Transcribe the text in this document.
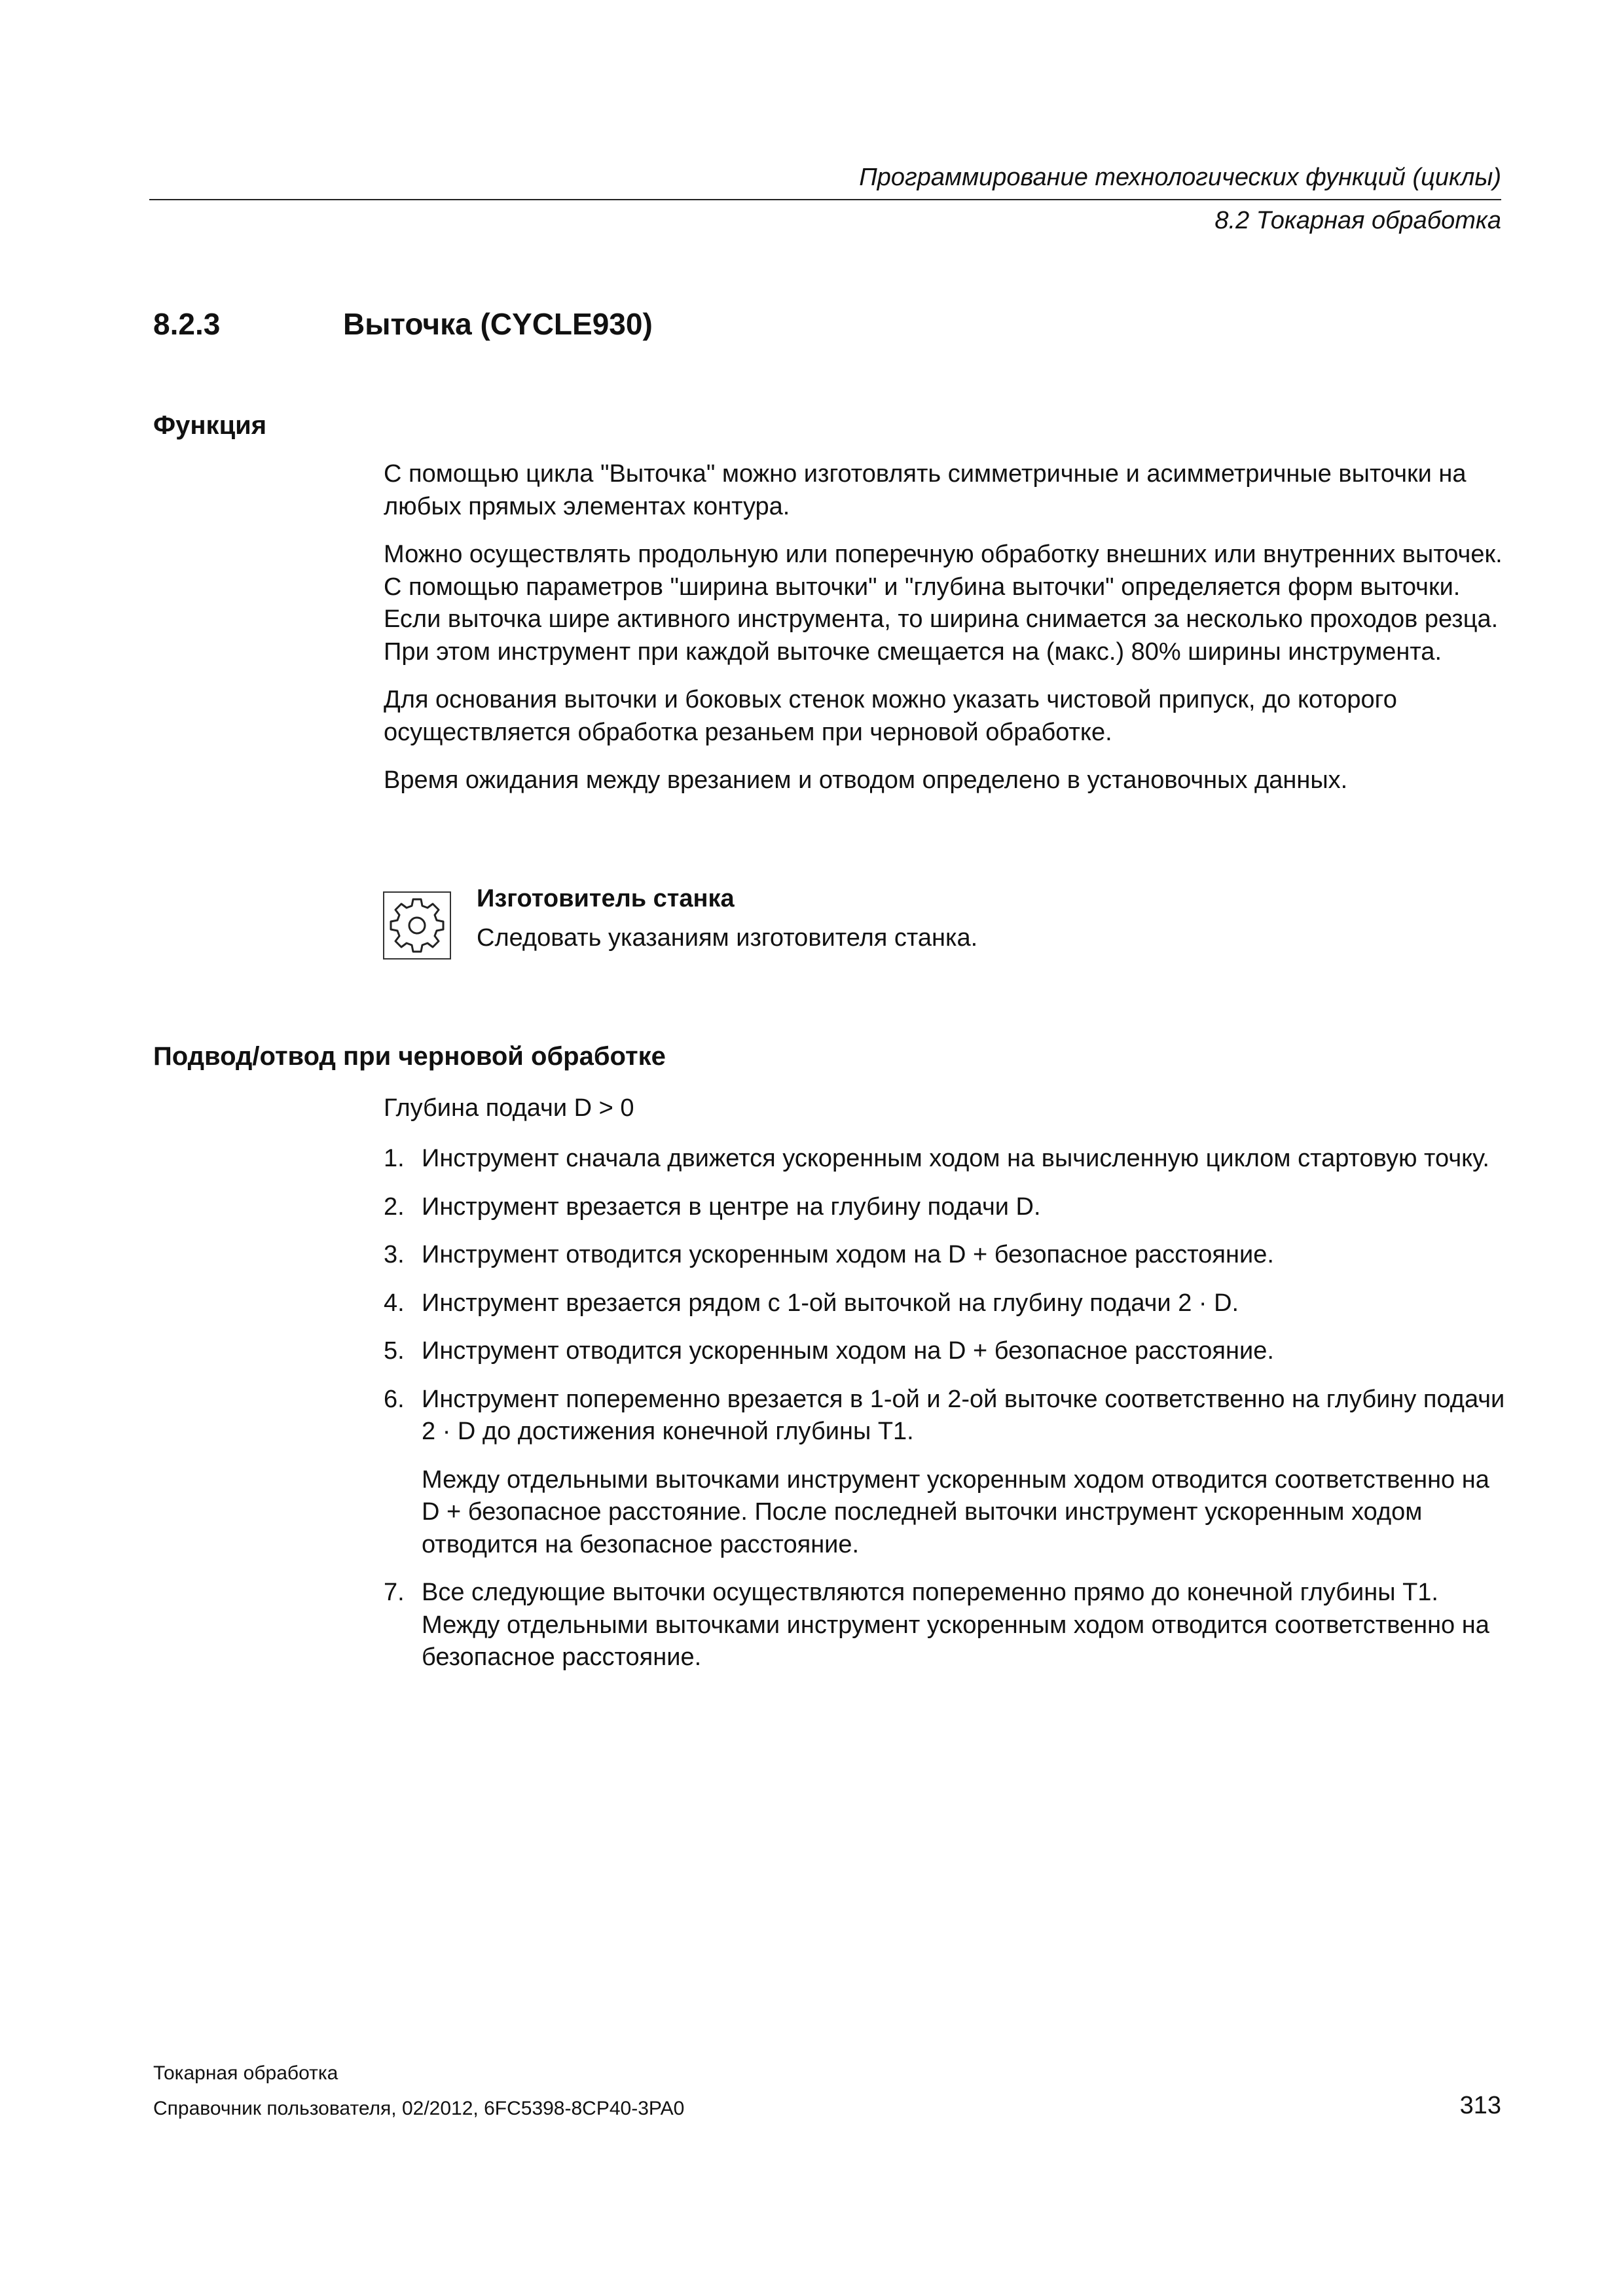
Программирование технологических функций (циклы)
8.2 Токарная обработка
8.2.3	Выточка (CYCLE930)
Функция

С помощью цикла "Выточка" можно изготовлять симметричные и асимметричные выточки на любых прямых элементах контура.

Можно осуществлять продольную или поперечную обработку внешних или внутренних выточек. С помощью параметров "ширина выточки" и "глубина выточки" определяется форм выточки. Если выточка шире активного инструмента, то ширина снимается за несколько проходов резца. При этом инструмент при каждой выточке смещается на (макс.) 80% ширины инструмента.

Для основания выточки и боковых стенок можно указать чистовой припуск, до которого осуществляется обработка резаньем при черновой обработке.

Время ожидания между врезанием и отводом определено в установочных данных.

Изготовитель станка
Следовать указаниям изготовителя станка.
Подвод/отвод при черновой обработке
Глубина подачи D > 0
1. Инструмент сначала движется ускоренным ходом на вычисленную циклом стартовую точку.
2. Инструмент врезается в центре на глубину подачи D.
3. Инструмент отводится ускоренным ходом на D + безопасное расстояние.
4. Инструмент врезается рядом с 1-ой выточкой на глубину подачи 2 · D.
5. Инструмент отводится ускоренным ходом на D + безопасное расстояние.
6. Инструмент попеременно врезается в 1-ой и 2-ой выточке соответственно на глубину подачи 2 · D до достижения конечной глубины T1.
Между отдельными выточками инструмент ускоренным ходом отводится соответственно на D + безопасное расстояние. После последней выточки инструмент ускоренным ходом отводится на безопасное расстояние.
7. Все следующие выточки осуществляются попеременно прямо до конечной глубины T1. Между отдельными выточками инструмент ускоренным ходом отводится соответственно на безопасное расстояние.
Токарная обработка
Справочник пользователя, 02/2012, 6FC5398-8CP40-3PA0	313
